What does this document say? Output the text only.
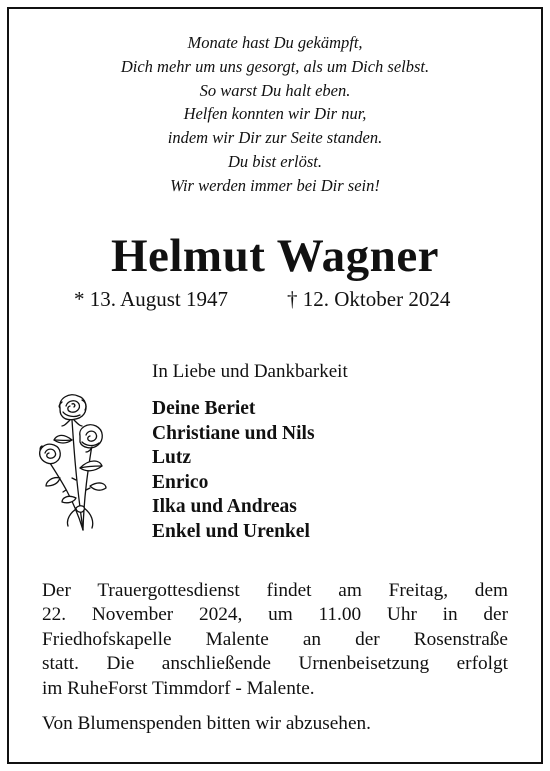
Monate hast Du gekämpft,
Dich mehr um uns gesorgt, als um Dich selbst.
So warst Du halt eben.
Helfen konnten wir Dir nur,
indem wir Dir zur Seite standen.
Du bist erlöst.
Wir werden immer bei Dir sein!
Helmut Wagner
* 13. August 1947	† 12. Oktober 2024
In Liebe und Dankbarkeit
Deine Beriet
Christiane und Nils
Lutz
Enrico
Ilka und Andreas
Enkel und Urenkel
Der Trauergottesdienst findet am Freitag, dem
22. November 2024, um 11.00 Uhr in der
Friedhofskapelle Malente an der Rosenstraße
statt. Die anschließende Urnenbeisetzung erfolgt
im RuheForst Timmdorf - Malente.
Von Blumenspenden bitten wir abzusehen.
